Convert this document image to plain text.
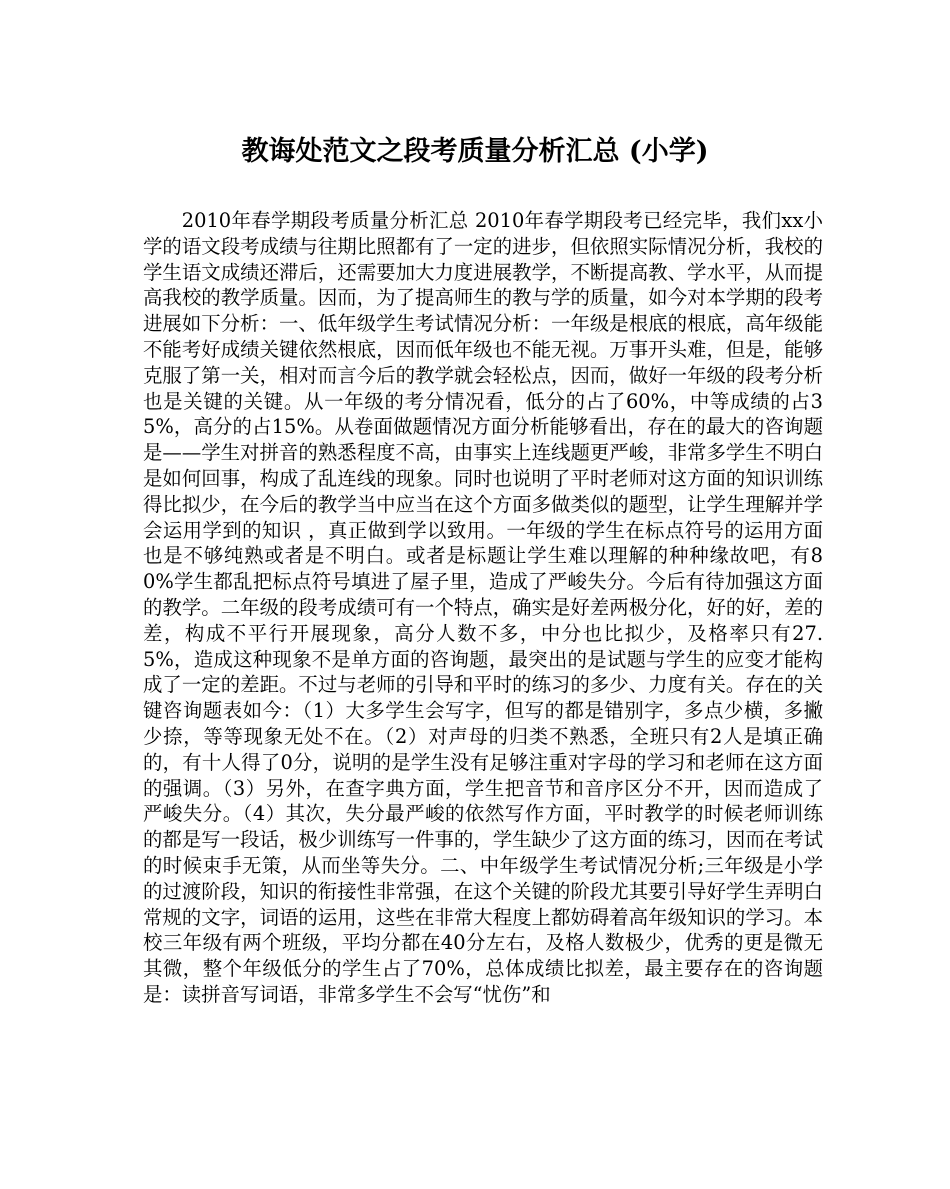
教诲处范文之段考质量分析汇总 (小学)

2010年春学期段考质量分析汇总 2010年春学期段考已经完毕，我们xx小学的语文段考成绩与往期比照都有了一定的进步，但依照实际情况分析，我校的学生语文成绩还滞后，还需要加大力度进展教学，不断提高教、学水平，从而提高我校的教学质量。因而，为了提高师生的教与学的质量，如今对本学期的段考进展如下分析：一、低年级学生考试情况分析：一年级是根底的根底，高年级能不能考好成绩关键依然根底，因而低年级也不能无视。万事开头难，但是，能够克服了第一关，相对而言今后的教学就会轻松点，因而，做好一年级的段考分析也是关键的关键。从一年级的考分情况看，低分的占了60%，中等成绩的占35%，高分的占15%。从卷面做题情况方面分析能够看出，存在的最大的咨询题是——学生对拼音的熟悉程度不高，由事实上连线题更严峻，非常多学生不明白是如何回事，构成了乱连线的现象。同时也说明了平时老师对这方面的知识训练得比拟少，在今后的教学当中应当在这个方面多做类似的题型，让学生理解并学会运用学到的知识 ，真正做到学以致用。一年级的学生在标点符号的运用方面也是不够纯熟或者是不明白。或者是标题让学生难以理解的种种缘故吧，有80%学生都乱把标点符号填进了屋子里，造成了严峻失分。今后有待加强这方面的教学。二年级的段考成绩可有一个特点，确实是好差两极分化，好的好，差的差，构成不平行开展现象，高分人数不多，中分也比拟少，及格率只有27.5%，造成这种现象不是单方面的咨询题，最突出的是试题与学生的应变才能构成了一定的差距。不过与老师的引导和平时的练习的多少、力度有关。存在的关键咨询题表如今：（1）大多学生会写字，但写的都是错别字，多点少横，多撇少捺，等等现象无处不在。（2）对声母的归类不熟悉，全班只有2人是填正确的，有十人得了0分，说明的是学生没有足够注重对字母的学习和老师在这方面的强调。（3）另外，在查字典方面，学生把音节和音序区分不开，因而造成了严峻失分。（4）其次，失分最严峻的依然写作方面，平时教学的时候老师训练的都是写一段话，极少训练写一件事的，学生缺少了这方面的练习，因而在考试的时候束手无策，从而坐等失分。二、中年级学生考试情况分析;三年级是小学的过渡阶段，知识的衔接性非常强，在这个关键的阶段尤其要引导好学生弄明白常规的文字，词语的运用，这些在非常大程度上都妨碍着高年级知识的学习。本校三年级有两个班级，平均分都在40分左右，及格人数极少，优秀的更是微无其微，整个年级低分的学生占了70%，总体成绩比拟差，最主要存在的咨询题是：读拼音写词语，非常多学生不会写“忧伤”和
